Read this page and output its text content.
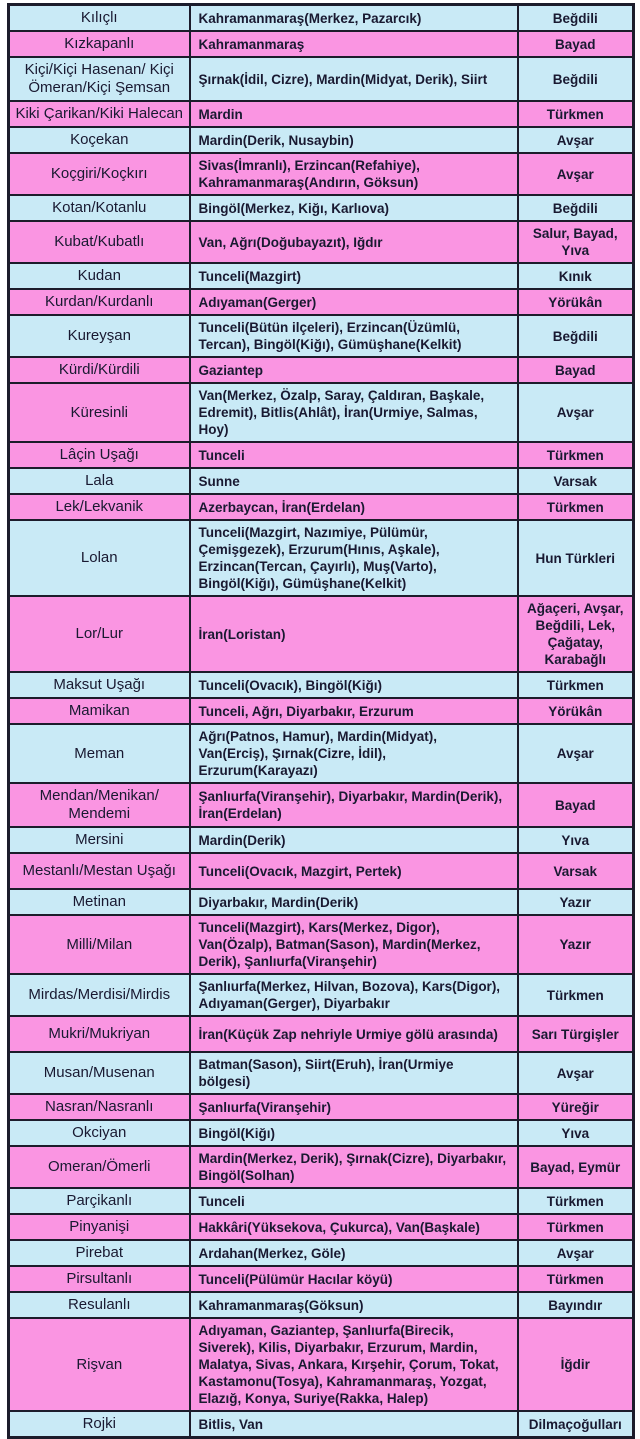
Kılıçlı	Kahramanmaraş(Merkez, Pazarcık)	Beğdili
Kızkapanlı	Kahramanmaraş	Bayad
Kiçi/Kiçi Hasenan/ Kiçi Ömeran/Kiçi Şemsan	Şırnak(İdil, Cizre), Mardin(Midyat, Derik), Siirt	Beğdili
Kiki Çarikan/Kiki Halecan	Mardin	Türkmen
Koçekan	Mardin(Derik, Nusaybin)	Avşar
Koçgiri/Koçkırı	Sivas(İmranlı), Erzincan(Refahiye), Kahramanmaraş(Andırın, Göksun)	Avşar
Kotan/Kotanlu	Bingöl(Merkez, Kiğı, Karlıova)	Beğdili
Kubat/Kubatlı	Van, Ağrı(Doğubayazıt), Iğdır	Salur, Bayad, Yıva
Kudan	Tunceli(Mazgirt)	Kınık
Kurdan/Kurdanlı	Adıyaman(Gerger)	Yörükân
Kureyşan	Tunceli(Bütün ilçeleri), Erzincan(Üzümlü, Tercan), Bingöl(Kiğı), Gümüşhane(Kelkit)	Beğdili
Kürdi/Kürdili	Gaziantep	Bayad
Küresinli	Van(Merkez, Özalp, Saray, Çaldıran, Başkale, Edremit), Bitlis(Ahlât), İran(Urmiye, Salmas, Hoy)	Avşar
Lâçin Uşağı	Tunceli	Türkmen
Lala	Sunne	Varsak
Lek/Lekvanik	Azerbaycan, İran(Erdelan)	Türkmen
Lolan	Tunceli(Mazgirt, Nazımiye, Pülümür, Çemişgezek), Erzurum(Hınıs, Aşkale), Erzincan(Tercan, Çayırlı), Muş(Varto), Bingöl(Kiğı), Gümüşhane(Kelkit)	Hun Türkleri
Lor/Lur	İran(Loristan)	Ağaçeri, Avşar, Beğdili, Lek, Çağatay, Karabağlı
Maksut Uşağı	Tunceli(Ovacık), Bingöl(Kiğı)	Türkmen
Mamikan	Tunceli, Ağrı, Diyarbakır, Erzurum	Yörükân
Meman	Ağrı(Patnos, Hamur), Mardin(Midyat), Van(Erciş), Şırnak(Cizre, İdil), Erzurum(Karayazı)	Avşar
Mendan/Menikan/ Mendemi	Şanlıurfa(Viranşehir), Diyarbakır, Mardin(Derik), İran(Erdelan)	Bayad
Mersini	Mardin(Derik)	Yıva
Mestanlı/Mestan Uşağı	Tunceli(Ovacık, Mazgirt, Pertek)	Varsak
Metinan	Diyarbakır, Mardin(Derik)	Yazır
Milli/Milan	Tunceli(Mazgirt), Kars(Merkez, Digor), Van(Özalp), Batman(Sason), Mardin(Merkez, Derik), Şanlıurfa(Viranşehir)	Yazır
Mirdas/Merdisi/Mirdis	Şanlıurfa(Merkez, Hilvan, Bozova), Kars(Digor), Adıyaman(Gerger), Diyarbakır	Türkmen
Mukri/Mukriyan	İran(Küçük Zap nehriyle Urmiye gölü arasında)	Sarı Türgişler
Musan/Musenan	Batman(Sason), Siirt(Eruh), İran(Urmiye bölgesi)	Avşar
Nasran/Nasranlı	Şanlıurfa(Viranşehir)	Yüreğir
Okciyan	Bingöl(Kiğı)	Yıva
Omeran/Ömerli	Mardin(Merkez, Derik), Şırnak(Cizre), Diyarbakır, Bingöl(Solhan)	Bayad, Eymür
Parçikanlı	Tunceli	Türkmen
Pinyanişi	Hakkâri(Yüksekova, Çukurca), Van(Başkale)	Türkmen
Pirebat	Ardahan(Merkez, Göle)	Avşar
Pirsultanlı	Tunceli(Pülümür Hacılar köyü)	Türkmen
Resulanlı	Kahramanmaraş(Göksun)	Bayındır
Rişvan	Adıyaman, Gaziantep, Şanlıurfa(Birecik, Siverek), Kilis, Diyarbakır, Erzurum, Mardin, Malatya, Sivas, Ankara, Kırşehir, Çorum, Tokat, Kastamonu(Tosya), Kahramanmaraş, Yozgat, Elazığ, Konya, Suriye(Rakka, Halep)	İğdir
Rojki	Bitlis, Van	Dilmaçoğulları
